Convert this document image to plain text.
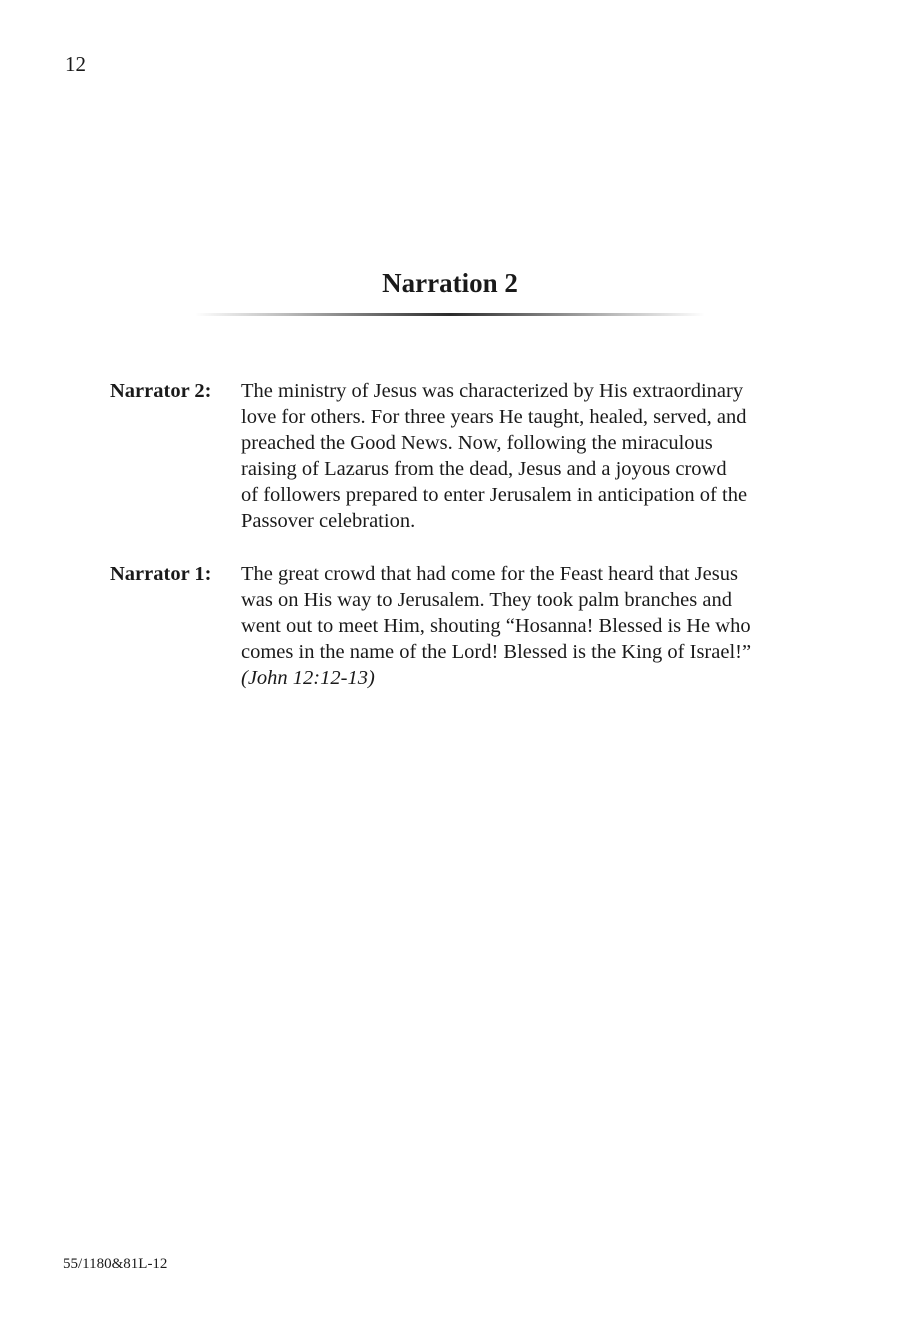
12
Narration 2
Narrator 2: The ministry of Jesus was characterized by His extraordinary
love for others. For three years He taught, healed, served, and
preached the Good News. Now, following the miraculous
raising of Lazarus from the dead, Jesus and a joyous crowd
of followers prepared to enter Jerusalem in anticipation of the
Passover celebration.
Narrator 1: The great crowd that had come for the Feast heard that Jesus
was on His way to Jerusalem. They took palm branches and
went out to meet Him, shouting “Hosanna! Blessed is He who
comes in the name of the Lord! Blessed is the King of Israel!”
(John 12:12-13)
55/1180&81L-12
